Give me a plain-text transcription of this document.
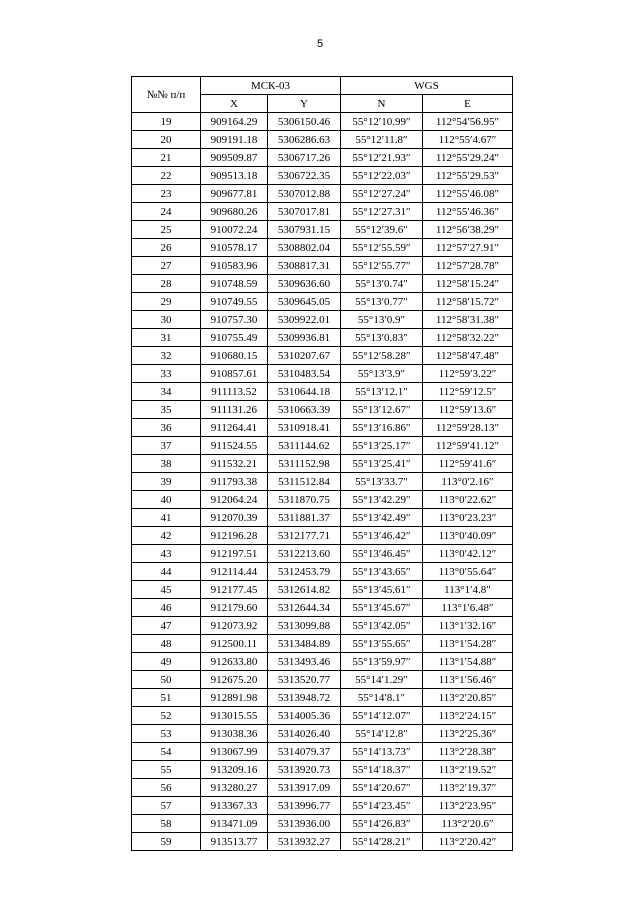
5
№№ п/п	МСК-03		WGS	
	X	Y	N	E
19	909164.29	5306150.46	55°12′10.99″	112°54′56.95″
20	909191.18	5306286.63	55°12′11.8″	112°55′4.67″
21	909509.87	5306717.26	55°12′21.93″	112°55′29.24″
22	909513.18	5306722.35	55°12′22.03″	112°55′29.53″
23	909677.81	5307012.88	55°12′27.24″	112°55′46.08″
24	909680.26	5307017.81	55°12′27.31″	112°55′46.36″
25	910072.24	5307931.15	55°12′39.6″	112°56′38.29″
26	910578.17	5308802.04	55°12′55.59″	112°57′27.91″
27	910583.96	5308817.31	55°12′55.77″	112°57′28.78″
28	910748.59	5309636.60	55°13′0.74″	112°58′15.24″
29	910749.55	5309645.05	55°13′0.77″	112°58′15.72″
30	910757.30	5309922.01	55°13′0.9″	112°58′31.38″
31	910755.49	5309936.81	55°13′0.83″	112°58′32.22″
32	910680.15	5310207.67	55°12′58.28″	112°58′47.48″
33	910857.61	5310483.54	55°13′3.9″	112°59′3.22″
34	911113.52	5310644.18	55°13′12.1″	112°59′12.5″
35	911131.26	5310663.39	55°13′12.67″	112°59′13.6″
36	911264.41	5310918.41	55°13′16.86″	112°59′28.13″
37	911524.55	5311144.62	55°13′25.17″	112°59′41.12″
38	911532.21	5311152.98	55°13′25.41″	112°59′41.6″
39	911793.38	5311512.84	55°13′33.7″	113°0′2.16″
40	912064.24	5311870.75	55°13′42.29″	113°0′22.62″
41	912070.39	5311881.37	55°13′42.49″	113°0′23.23″
42	912196.28	5312177.71	55°13′46.42″	113°0′40.09″
43	912197.51	5312213.60	55°13′46.45″	113°0′42.12″
44	912114.44	5312453.79	55°13′43.65″	113°0′55.64″
45	912177.45	5312614.82	55°13′45.61″	113°1′4.8″
46	912179.60	5312644.34	55°13′45.67″	113°1′6.48″
47	912073.92	5313099.88	55°13′42.05″	113°1′32.16″
48	912500.11	5313484.89	55°13′55.65″	113°1′54.28″
49	912633.80	5313493.46	55°13′59.97″	113°1′54.88″
50	912675.20	5313520.77	55°14′1.29″	113°1′56.46″
51	912891.98	5313948.72	55°14′8.1″	113°2′20.85″
52	913015.55	5314005.36	55°14′12.07″	113°2′24.15″
53	913038.36	5314026.40	55°14′12.8″	113°2′25.36″
54	913067.99	5314079.37	55°14′13.73″	113°2′28.38″
55	913209.16	5313920.73	55°14′18.37″	113°2′19.52″
56	913280.27	5313917.09	55°14′20.67″	113°2′19.37″
57	913367.33	5313996.77	55°14′23.45″	113°2′23.95″
58	913471.09	5313936.00	55°14′26.83″	113°2′20.6″
59	913513.77	5313932.27	55°14′28.21″	113°2′20.42″
